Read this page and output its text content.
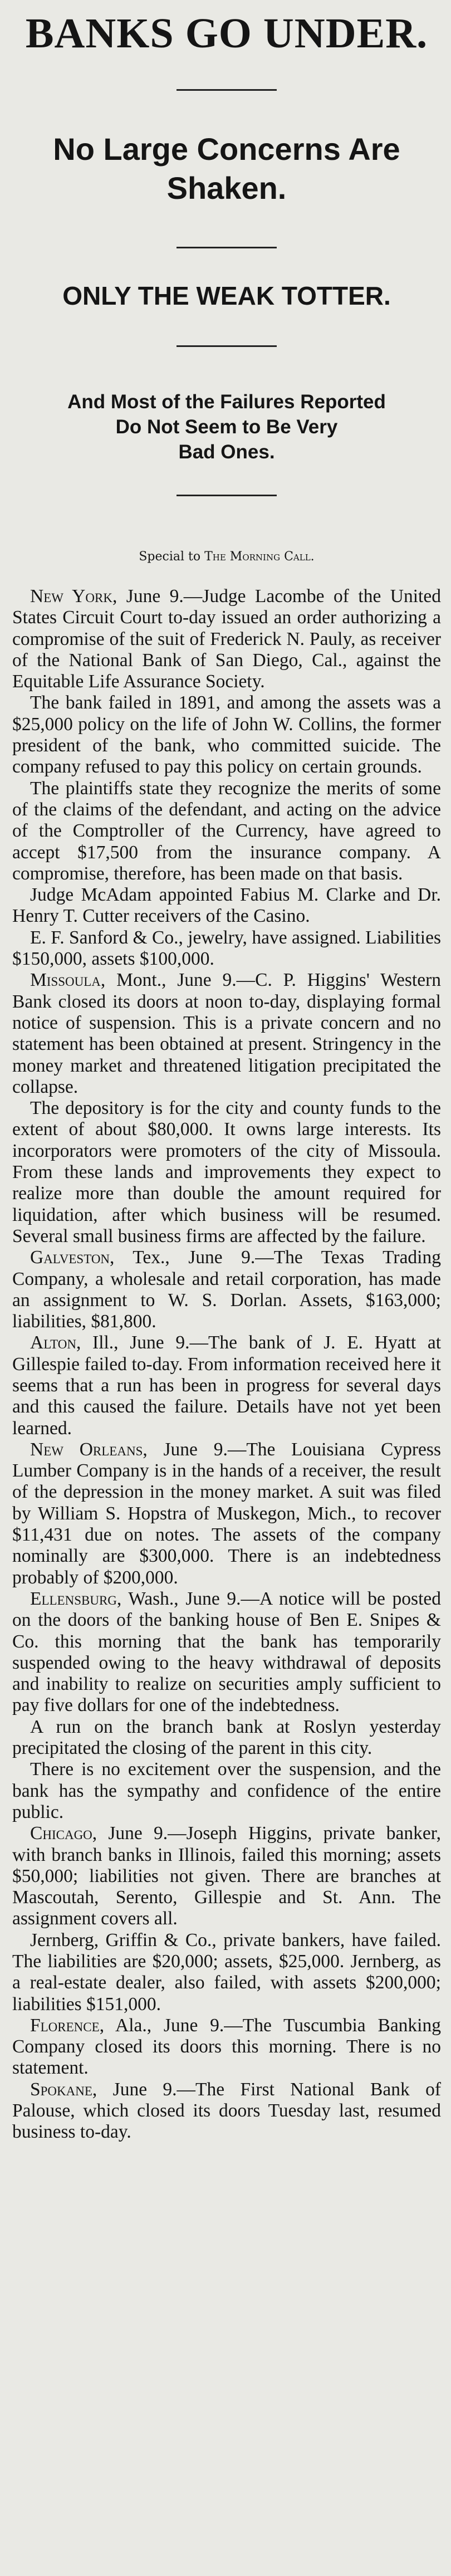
BANKS GO UNDER.
No Large Concerns Are
Shaken.
ONLY THE WEAK TOTTER.
And Most of the Failures Reported
Do Not Seem to Be Very
Bad Ones.
Special to The Morning Call.

New York, June 9.—Judge Lacombe of the United States Circuit Court to-day issued an order authorizing a compromise of the suit of Frederick N. Pauly, as receiver of the National Bank of San Diego, Cal., against the Equitable Life Assurance Society.

The bank failed in 1891, and among the assets was a $25,000 policy on the life of John W. Collins, the former president of the bank, who committed suicide. The company refused to pay this policy on certain grounds.

The plaintiffs state they recognize the merits of some of the claims of the defendant, and acting on the advice of the Comptroller of the Currency, have agreed to accept $17,500 from the insurance company. A compromise, therefore, has been made on that basis.

Judge McAdam appointed Fabius M. Clarke and Dr. Henry T. Cutter receivers of the Casino.

E. F. Sanford & Co., jewelry, have assigned. Liabilities $150,000, assets $100,000.

Missoula, Mont., June 9.—C. P. Higgins' Western Bank closed its doors at noon to-day, displaying formal notice of suspension. This is a private concern and no statement has been obtained at present. Stringency in the money market and threatened litigation precipitated the collapse.

The depository is for the city and county funds to the extent of about $80,000. It owns large interests. Its incorporators were promoters of the city of Missoula. From these lands and improvements they expect to realize more than double the amount required for liquidation, after which business will be resumed. Several small business firms are affected by the failure.

Galveston, Tex., June 9.—The Texas Trading Company, a wholesale and retail corporation, has made an assignment to W. S. Dorlan. Assets, $163,000; liabilities, $81,800.

Alton, Ill., June 9.—The bank of J. E. Hyatt at Gillespie failed to-day. From information received here it seems that a run has been in progress for several days and this caused the failure. Details have not yet been learned.

New Orleans, June 9.—The Louisiana Cypress Lumber Company is in the hands of a receiver, the result of the depression in the money market. A suit was filed by William S. Hopstra of Muskegon, Mich., to recover $11,431 due on notes. The assets of the company nominally are $300,000. There is an indebtedness probably of $200,000.

Ellensburg, Wash., June 9.—A notice will be posted on the doors of the banking house of Ben E. Snipes & Co. this morning that the bank has temporarily suspended owing to the heavy withdrawal of deposits and inability to realize on securities amply sufficient to pay five dollars for one of the indebtedness.

A run on the branch bank at Roslyn yesterday precipitated the closing of the parent in this city.

There is no excitement over the suspension, and the bank has the sympathy and confidence of the entire public.

Chicago, June 9.—Joseph Higgins, private banker, with branch banks in Illinois, failed this morning; assets $50,000; liabilities not given. There are branches at Mascoutah, Serento, Gillespie and St. Ann. The assignment covers all.

Jernberg, Griffin & Co., private bankers, have failed. The liabilities are $20,000; assets, $25,000. Jernberg, as a real-estate dealer, also failed, with assets $200,000; liabilities $151,000.

Florence, Ala., June 9.—The Tuscumbia Banking Company closed its doors this morning. There is no statement.

Spokane, June 9.—The First National Bank of Palouse, which closed its doors Tuesday last, resumed business to-day.
